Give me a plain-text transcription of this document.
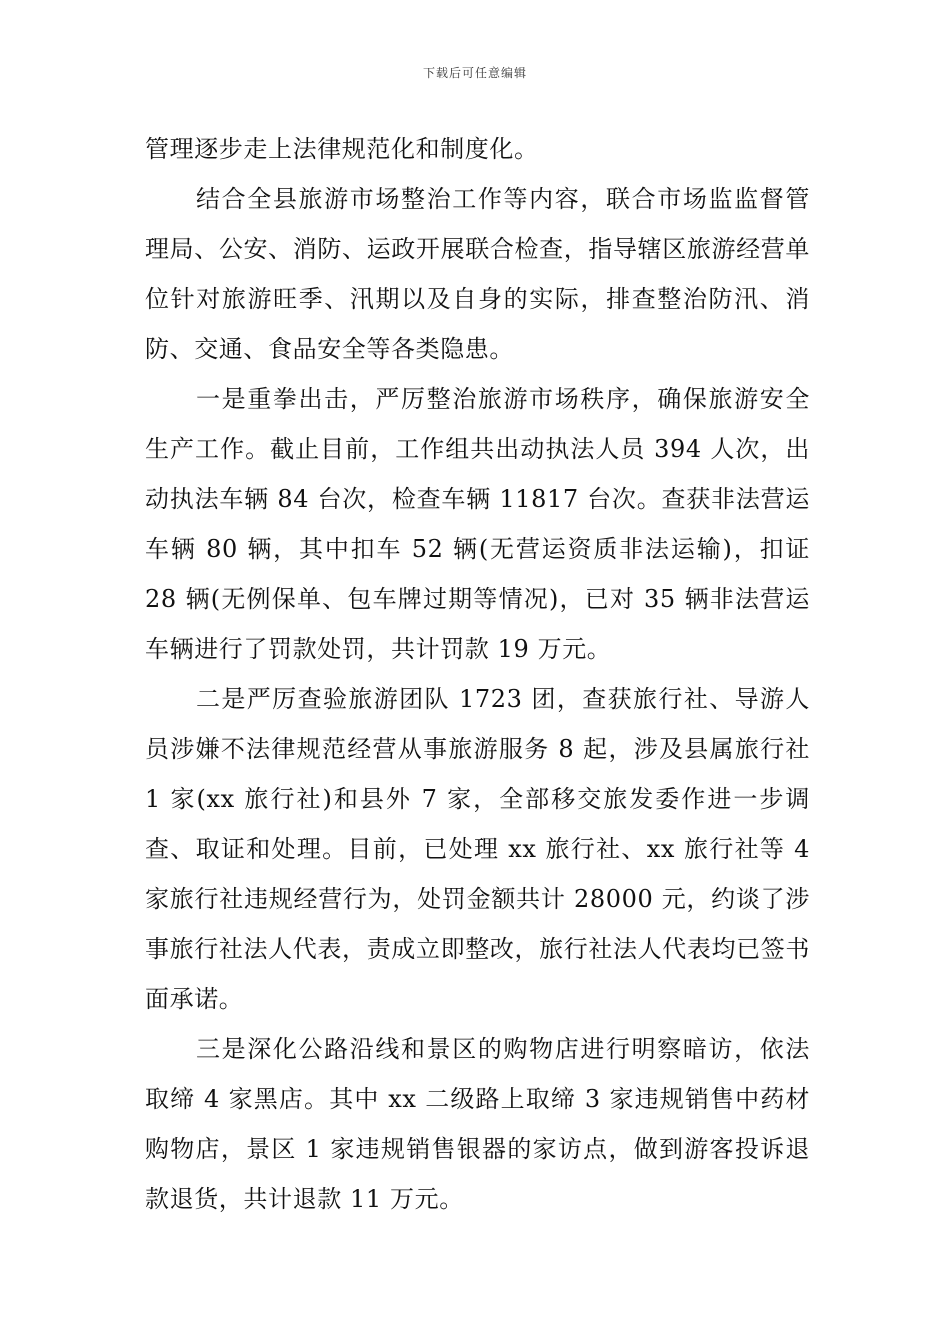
下载后可任意编辑

管理逐步走上法律规范化和制度化。

结合全县旅游市场整治工作等内容，联合市场监监督管理局、公安、消防、运政开展联合检查，指导辖区旅游经营单位针对旅游旺季、汛期以及自身的实际，排查整治防汛、消防、交通、食品安全等各类隐患。

一是重拳出击，严厉整治旅游市场秩序，确保旅游安全生产工作。截止目前，工作组共出动执法人员 394 人次，出动执法车辆 84 台次，检查车辆 11817 台次。查获非法营运车辆 80 辆，其中扣车 52 辆(无营运资质非法运输)，扣证 28 辆(无例保单、包车牌过期等情况)，已对 35 辆非法营运车辆进行了罚款处罚，共计罚款 19 万元。

二是严厉查验旅游团队 1723 团，查获旅行社、导游人员涉嫌不法律规范经营从事旅游服务 8 起，涉及县属旅行社 1 家(xx 旅行社)和县外 7 家，全部移交旅发委作进一步调查、取证和处理。目前，已处理 xx 旅行社、xx 旅行社等 4 家旅行社违规经营行为，处罚金额共计 28000 元，约谈了涉事旅行社法人代表，责成立即整改，旅行社法人代表均已签书面承诺。

三是深化公路沿线和景区的购物店进行明察暗访，依法取缔 4 家黑店。其中 xx 二级路上取缔 3 家违规销售中药材购物店，景区 1 家违规销售银器的家访点，做到游客投诉退款退货，共计退款 11 万元。
